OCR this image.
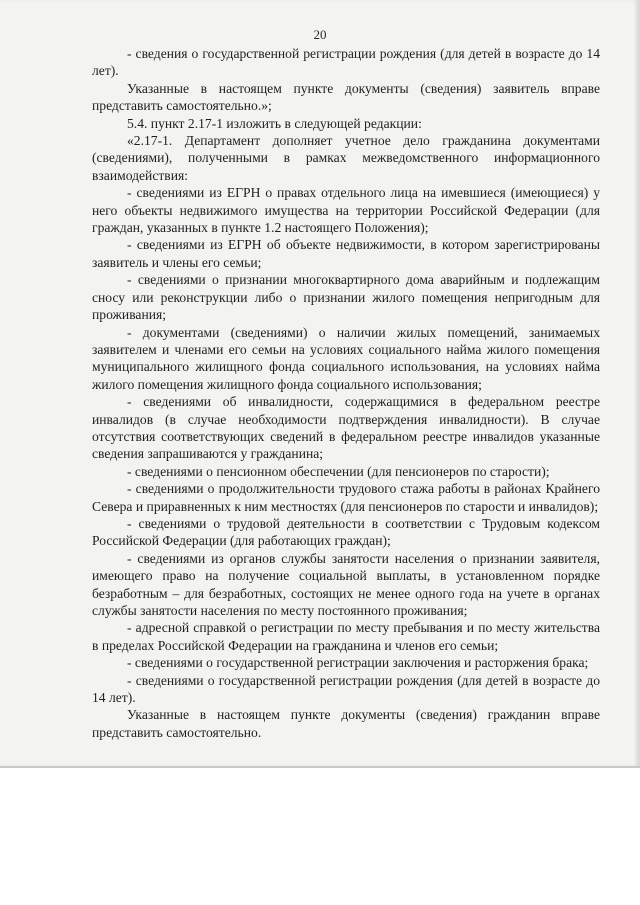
20

- сведения о государственной регистрации рождения (для детей в возрасте до 14 лет).

Указанные в настоящем пункте документы (сведения) заявитель вправе представить самостоятельно.»;

5.4. пункт 2.17-1 изложить в следующей редакции:

«2.17-1. Департамент дополняет учетное дело гражданина документами (сведениями), полученными в рамках межведомственного информационного взаимодействия:

- сведениями из ЕГРН о правах отдельного лица на имевшиеся (имеющиеся) у него объекты недвижимого имущества на территории Российской Федерации (для граждан, указанных в пункте 1.2 настоящего Положения);

- сведениями из ЕГРН об объекте недвижимости, в котором зарегистрированы заявитель и члены его семьи;

- сведениями о признании многоквартирного дома аварийным и подлежащим сносу или реконструкции либо о признании жилого помещения непригодным для проживания;

- документами (сведениями) о наличии жилых помещений, занимаемых заявителем и членами его семьи на условиях социального найма жилого помещения муниципального жилищного фонда социального использования, на условиях найма жилого помещения жилищного фонда социального использования;

- сведениями об инвалидности, содержащимися в федеральном реестре инвалидов (в случае необходимости подтверждения инвалидности). В случае отсутствия соответствующих сведений в федеральном реестре инвалидов указанные сведения запрашиваются у гражданина;

- сведениями о пенсионном обеспечении (для пенсионеров по старости);

- сведениями о продолжительности трудового стажа работы в районах Крайнего Севера и приравненных к ним местностях (для пенсионеров по старости и инвалидов);

- сведениями о трудовой деятельности в соответствии с Трудовым кодексом Российской Федерации (для работающих граждан);

- сведениями из органов службы занятости населения о признании заявителя, имеющего право на получение социальной выплаты, в установленном порядке безработным – для безработных, состоящих не менее одного года на учете в органах службы занятости населения по месту постоянного проживания;

- адресной справкой о регистрации по месту пребывания и по месту жительства в пределах Российской Федерации на гражданина и членов его семьи;

- сведениями о государственной регистрации заключения и расторжения брака;

- сведениями о государственной регистрации рождения (для детей в возрасте до 14 лет).

Указанные в настоящем пункте документы (сведения) гражданин вправе представить самостоятельно.
